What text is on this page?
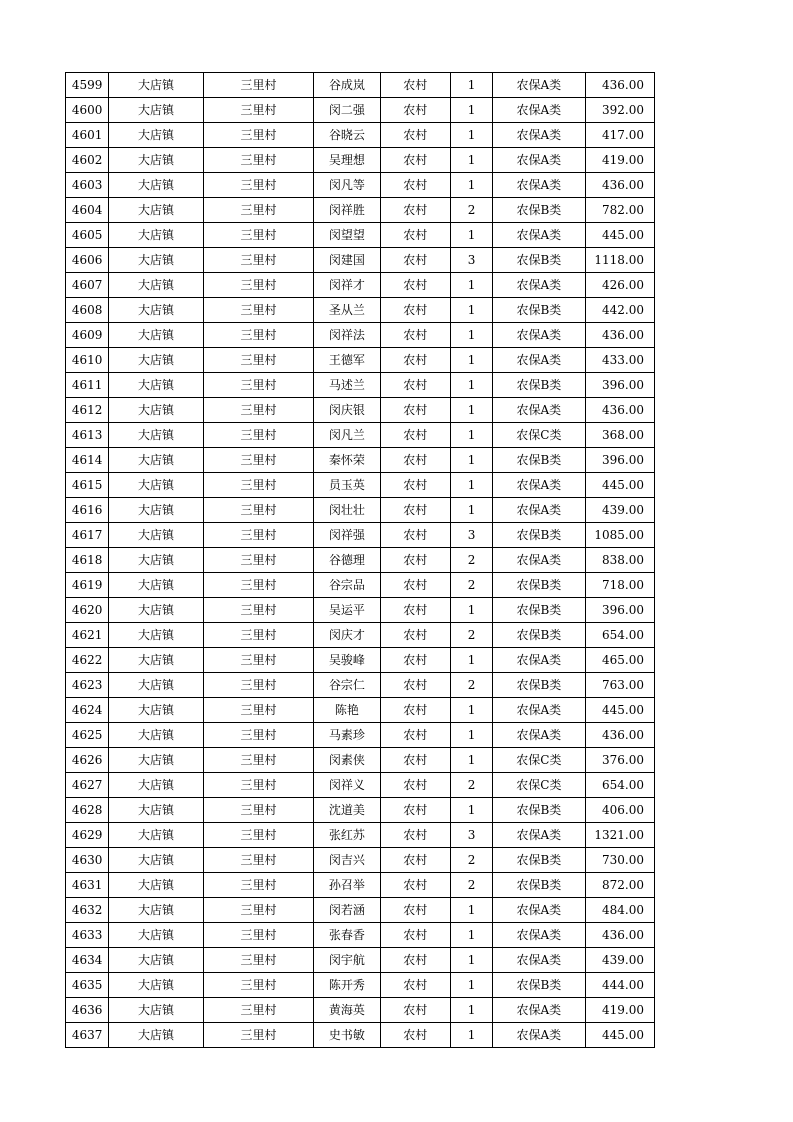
4599	大店镇	三里村	谷成岚	农村	1	农保A类	436.00
4600	大店镇	三里村	闵二强	农村	1	农保A类	392.00
4601	大店镇	三里村	谷晓云	农村	1	农保A类	417.00
4602	大店镇	三里村	吴理想	农村	1	农保A类	419.00
4603	大店镇	三里村	闵凡等	农村	1	农保A类	436.00
4604	大店镇	三里村	闵祥胜	农村	2	农保B类	782.00
4605	大店镇	三里村	闵望望	农村	1	农保A类	445.00
4606	大店镇	三里村	闵建国	农村	3	农保B类	1118.00
4607	大店镇	三里村	闵祥才	农村	1	农保A类	426.00
4608	大店镇	三里村	圣从兰	农村	1	农保B类	442.00
4609	大店镇	三里村	闵祥法	农村	1	农保A类	436.00
4610	大店镇	三里村	王德军	农村	1	农保A类	433.00
4611	大店镇	三里村	马述兰	农村	1	农保B类	396.00
4612	大店镇	三里村	闵庆银	农村	1	农保A类	436.00
4613	大店镇	三里村	闵凡兰	农村	1	农保C类	368.00
4614	大店镇	三里村	秦怀荣	农村	1	农保B类	396.00
4615	大店镇	三里村	员玉英	农村	1	农保A类	445.00
4616	大店镇	三里村	闵壮壮	农村	1	农保A类	439.00
4617	大店镇	三里村	闵祥强	农村	3	农保B类	1085.00
4618	大店镇	三里村	谷德理	农村	2	农保A类	838.00
4619	大店镇	三里村	谷宗品	农村	2	农保B类	718.00
4620	大店镇	三里村	吴运平	农村	1	农保B类	396.00
4621	大店镇	三里村	闵庆才	农村	2	农保B类	654.00
4622	大店镇	三里村	吴骏峰	农村	1	农保A类	465.00
4623	大店镇	三里村	谷宗仁	农村	2	农保B类	763.00
4624	大店镇	三里村	陈艳	农村	1	农保A类	445.00
4625	大店镇	三里村	马素珍	农村	1	农保A类	436.00
4626	大店镇	三里村	闵素侠	农村	1	农保C类	376.00
4627	大店镇	三里村	闵祥义	农村	2	农保C类	654.00
4628	大店镇	三里村	沈道美	农村	1	农保B类	406.00
4629	大店镇	三里村	张红苏	农村	3	农保A类	1321.00
4630	大店镇	三里村	闵吉兴	农村	2	农保B类	730.00
4631	大店镇	三里村	孙召举	农村	2	农保B类	872.00
4632	大店镇	三里村	闵若涵	农村	1	农保A类	484.00
4633	大店镇	三里村	张春香	农村	1	农保A类	436.00
4634	大店镇	三里村	闵宇航	农村	1	农保A类	439.00
4635	大店镇	三里村	陈开秀	农村	1	农保B类	444.00
4636	大店镇	三里村	黄海英	农村	1	农保A类	419.00
4637	大店镇	三里村	史书敏	农村	1	农保A类	445.00
